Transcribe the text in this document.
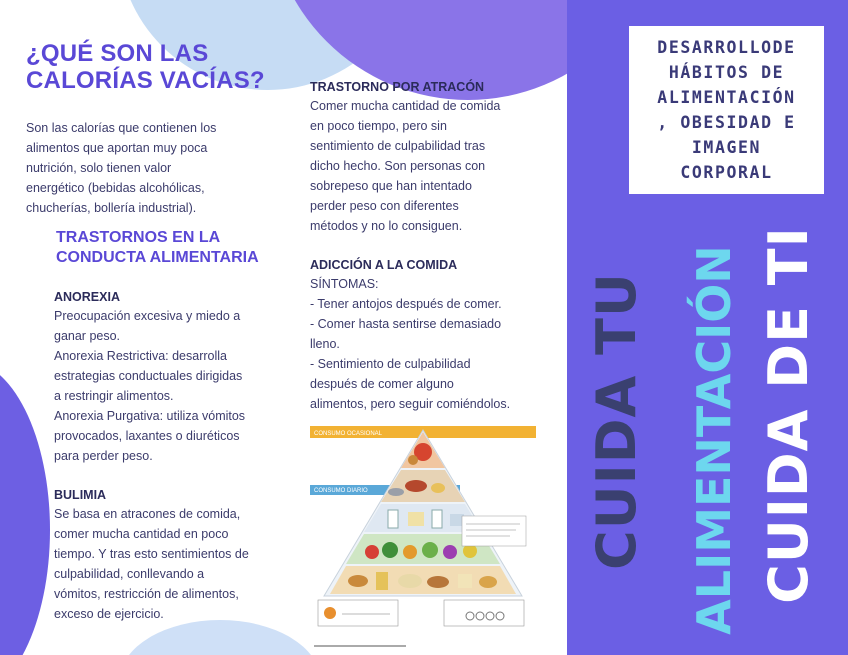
¿QUÉ SON LAS
CALORÍAS VACÍAS?
Son las calorías que contienen los
alimentos que aportan muy poca
nutrición, solo tienen valor
energético (bebidas alcohólicas,
chucherías, bollería industrial).
TRASTORNOS EN LA
CONDUCTA ALIMENTARIA
ANOREXIA
Preocupación excesiva y miedo a
ganar peso.
Anorexia Restrictiva: desarrolla
estrategias conductuales dirigidas
a restringir alimentos.
Anorexia Purgativa: utiliza vómitos
provocados, laxantes o diuréticos
para perder peso.
BULIMIA
Se basa en atracones de comida,
comer mucha cantidad en poco
tiempo. Y tras esto sentimientos de
culpabilidad, conllevando a
vómitos, restricción de alimentos,
exceso de ejercicio.
TRASTORNO POR ATRACÓN
Comer mucha cantidad de comida
en poco tiempo, pero sin
sentimiento de culpabilidad tras
dicho hecho. Son personas con
sobrepeso que han intentado
perder peso con diferentes
métodos y no lo consiguen.
ADICCIÓN A LA COMIDA
SÍNTOMAS:
- Tener antojos después de comer.
- Comer hasta sentirse demasiado
lleno.
- Sentimiento de culpabilidad
después de comer alguno
alimentos, pero seguir comiéndolos.
CONSUMO OCASIONAL
CONSUMO DIARIO
DESARROLLODE
HÁBITOS DE
ALIMENTACIÓN
, OBESIDAD E
IMAGEN
CORPORAL
CUIDA TU ALIMENTACIÓN CUIDA DE TI
